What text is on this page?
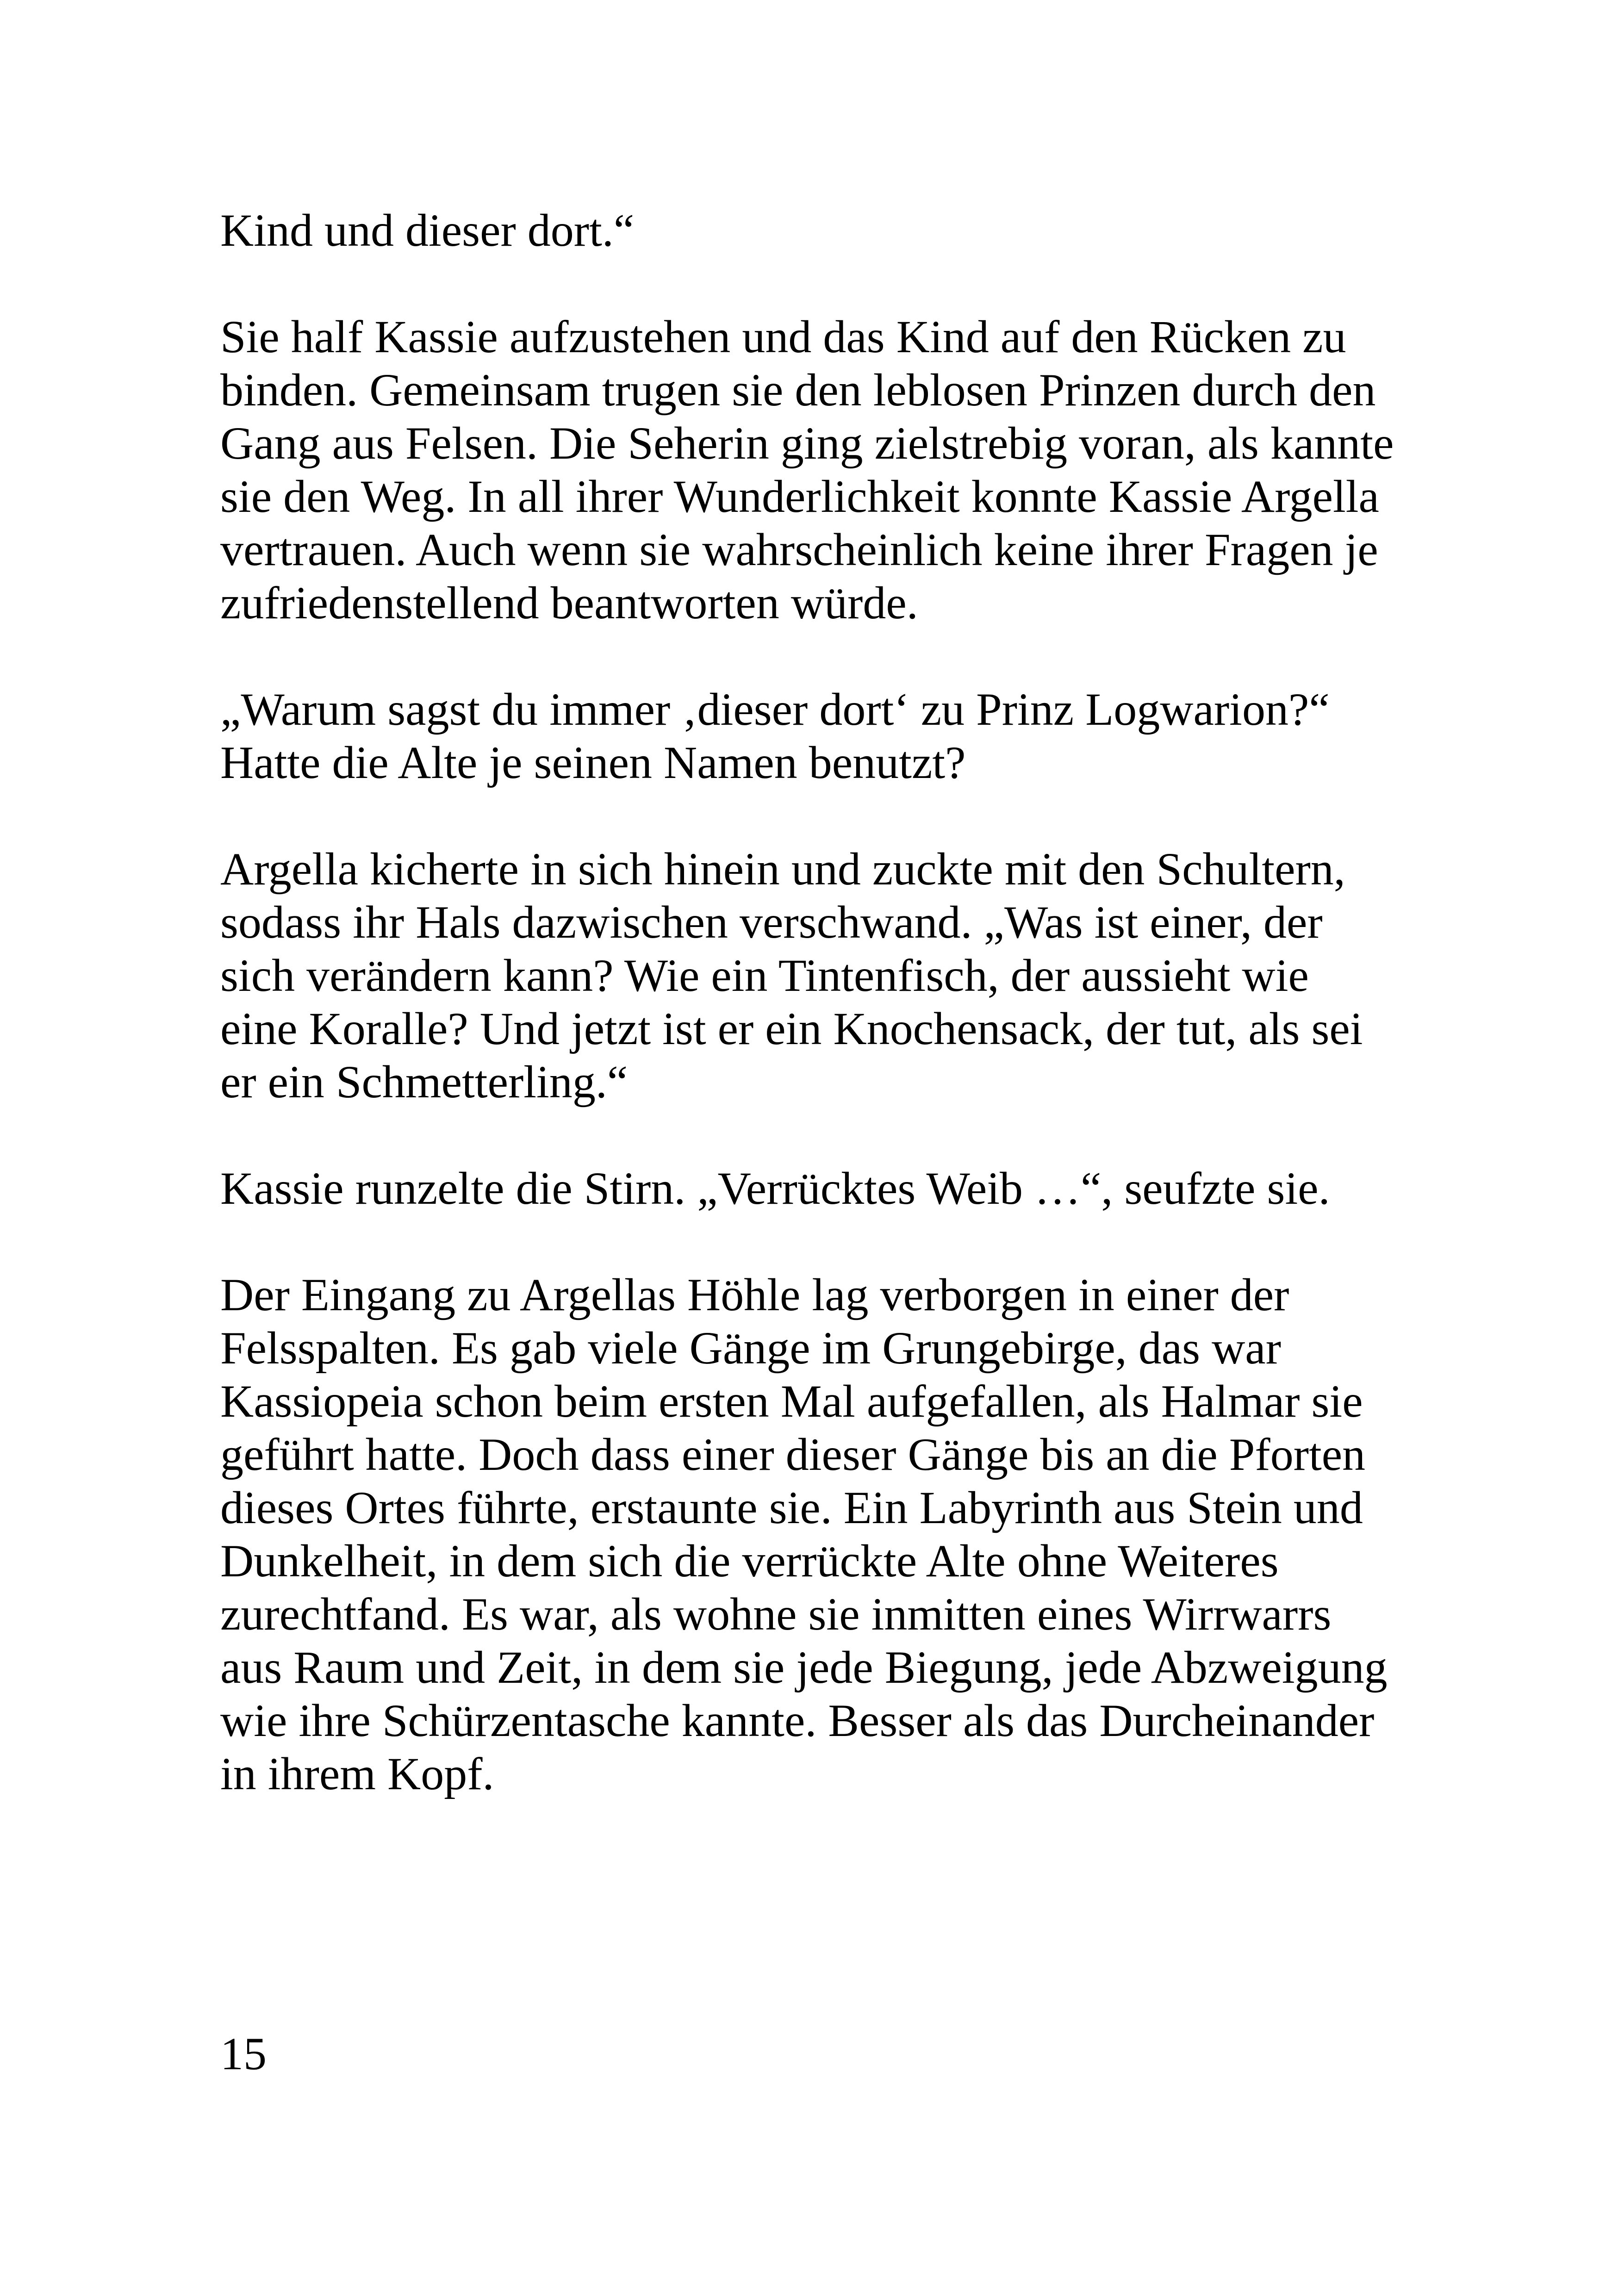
Kind und dieser dort.“
Sie half Kassie aufzustehen und das Kind auf den Rücken zu
binden. Gemeinsam trugen sie den leblosen Prinzen durch den
Gang aus Felsen. Die Seherin ging zielstrebig voran, als kannte
sie den Weg. In all ihrer Wunderlichkeit konnte Kassie Argella
vertrauen. Auch wenn sie wahrscheinlich keine ihrer Fragen je
zufriedenstellend beantworten würde.
„Warum sagst du immer ‚dieser dort‘ zu Prinz Logwarion?“
Hatte die Alte je seinen Namen benutzt?
Argella kicherte in sich hinein und zuckte mit den Schultern,
sodass ihr Hals dazwischen verschwand. „Was ist einer, der
sich verändern kann? Wie ein Tintenfisch, der aussieht wie
eine Koralle? Und jetzt ist er ein Knochensack, der tut, als sei
er ein Schmetterling.“
Kassie runzelte die Stirn. „Verrücktes Weib …“, seufzte sie.
Der Eingang zu Argellas Höhle lag verborgen in einer der
Felsspalten. Es gab viele Gänge im Grungebirge, das war
Kassiopeia schon beim ersten Mal aufgefallen, als Halmar sie
geführt hatte. Doch dass einer dieser Gänge bis an die Pforten
dieses Ortes führte, erstaunte sie. Ein Labyrinth aus Stein und
Dunkelheit, in dem sich die verrückte Alte ohne Weiteres
zurechtfand. Es war, als wohne sie inmitten eines Wirrwarrs
aus Raum und Zeit, in dem sie jede Biegung, jede Abzweigung
wie ihre Schürzentasche kannte. Besser als das Durcheinander
in ihrem Kopf.
15
